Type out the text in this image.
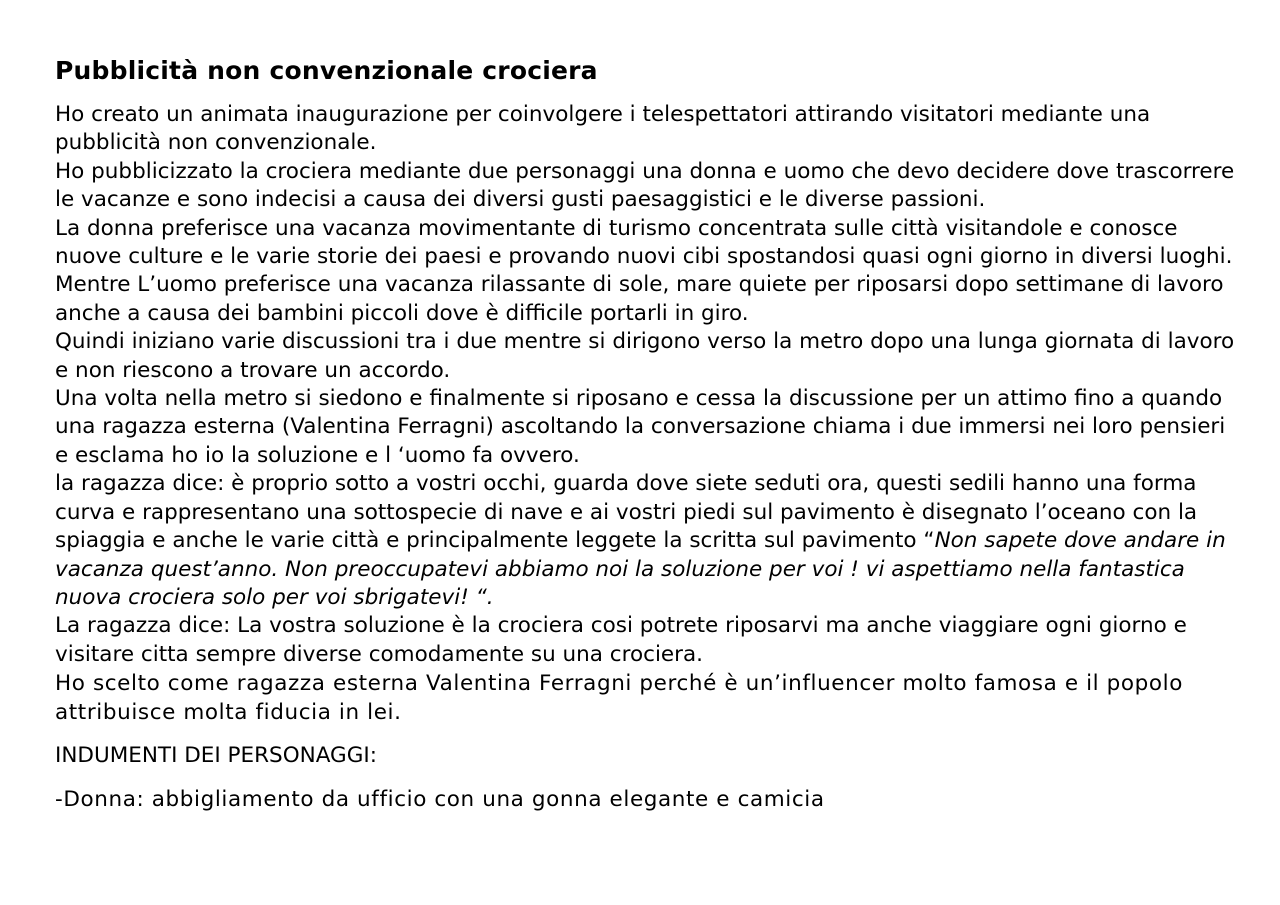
Pubblicità non convenzionale crociera

Ho creato un animata inaugurazione per coinvolgere i telespettatori attirando visitatori mediante una pubblicità non convenzionale.

Ho pubblicizzato la crociera mediante due personaggi una donna e uomo che devo decidere dove trascorrere le vacanze e sono indecisi a causa dei diversi gusti paesaggistici e le diverse passioni.

La donna preferisce una vacanza movimentante di turismo concentrata sulle città visitandole e conosce nuove culture e le varie storie dei paesi e provando nuovi cibi spostandosi quasi ogni giorno in diversi luoghi.

Mentre L’uomo preferisce una vacanza rilassante di sole, mare quiete per riposarsi dopo settimane di lavoro anche a causa dei bambini piccoli dove è difficile portarli in giro.

Quindi iniziano varie discussioni tra i due mentre si dirigono verso la metro dopo una lunga giornata di lavoro e non riescono a trovare un accordo.

Una volta nella metro si siedono e finalmente si riposano e cessa la discussione per un attimo fino a quando una ragazza esterna (Valentina Ferragni) ascoltando la conversazione chiama i due immersi nei loro pensieri e esclama ho io la soluzione e l ‘uomo fa ovvero.

la ragazza dice: è proprio sotto a vostri occhi, guarda dove siete seduti ora, questi sedili hanno una forma curva e rappresentano una sottospecie di nave e ai vostri piedi sul pavimento è disegnato l’oceano con la spiaggia e anche le varie città e principalmente leggete la scritta sul pavimento “Non sapete dove andare in vacanza quest’anno. Non preoccupatevi abbiamo noi la soluzione per voi ! vi aspettiamo nella fantastica nuova crociera solo per voi sbrigatevi! “.

La ragazza dice: La vostra soluzione è la crociera cosi potrete riposarvi ma anche viaggiare ogni giorno e visitare citta sempre diverse comodamente su una crociera.

Ho scelto come ragazza esterna Valentina Ferragni perché è un’influencer molto famosa e il popolo attribuisce molta fiducia in lei.

INDUMENTI DEI PERSONAGGI:

-Donna: abbigliamento da ufficio con una gonna elegante e camicia
